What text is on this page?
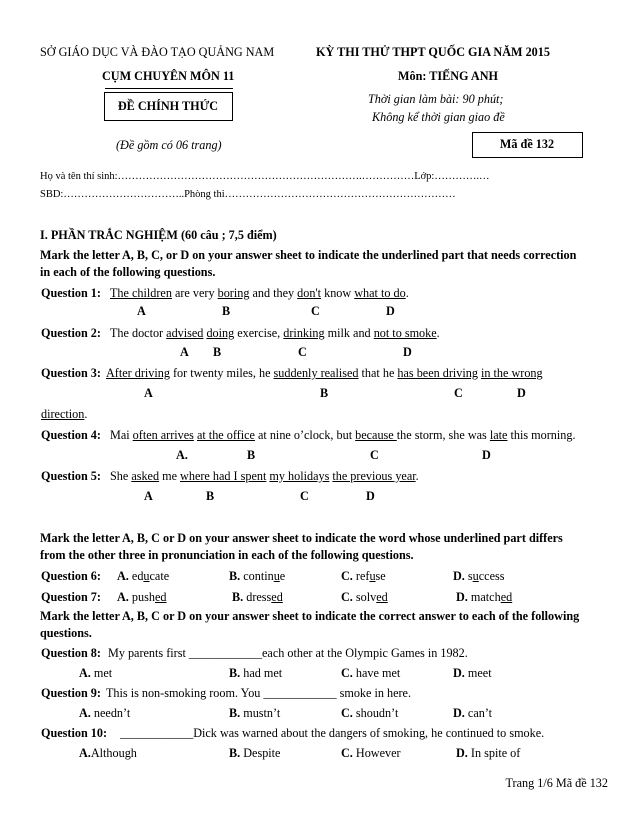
SỞ GIÁO DỤC VÀ ĐÀO TẠO QUẢNG NAM
CỤM CHUYÊN MÔN 11
ĐỀ CHÍNH THỨC
(Đề gồm có 06 trang)
KỲ THI THỬ THPT QUỐC GIA NĂM 2015
Môn: TIẾNG ANH
Thời gian làm bài: 90 phút;
Không kể thời gian giao đề
Mã đề 132
Họ và tên thí sinh:…………………………………………………………….……………Lớp:………….…
SBD:……………………………..Phòng thi…………………………………………………………
I. PHẦN TRẮC NGHIỆM (60 câu ; 7,5 điểm)
Mark the letter A, B, C, or D on your answer sheet to indicate the underlined part that needs correction
in each of the following questions.
Question 1: The children are very boring and they don't know what to do.
A	B	C	D
Question 2: The doctor advised doing exercise, drinking milk and not to smoke.
A B	C	D
Question 3: After driving for twenty miles, he suddenly realised that he has been driving in the wrong
A	B	C	D
direction.
Question 4: Mai often arrives at the office at nine o’clock, but because the storm, she was late this morning.
A.	B	C	D
Question 5: She asked me where had I spent my holidays the previous year.
A	B	C	D
Mark the letter A, B, C or D on your answer sheet to indicate the word whose underlined part differs
from the other three in pronunciation in each of the following questions.
Question 6: A. educate	B. continue	C. refuse	D. success
Question 7: A. pushed	B. dressed	C. solved	D. matched
Mark the letter A, B, C or D on your answer sheet to indicate the correct answer to each of the following
questions.
Question 8: My parents first ____________each other at the Olympic Games in 1982.
A. met	B. had met	C. have met	D. meet
Question 9: This is non-smoking room. You ____________ smoke in here.
A. needn’t	B. mustn’t	C. shoudn’t	D. can’t
Question 10: ____________Dick was warned about the dangers of smoking, he continued to smoke.
A.Although	B. Despite	C. However	D. In spite of
Trang 1/6 Mã đề 132
